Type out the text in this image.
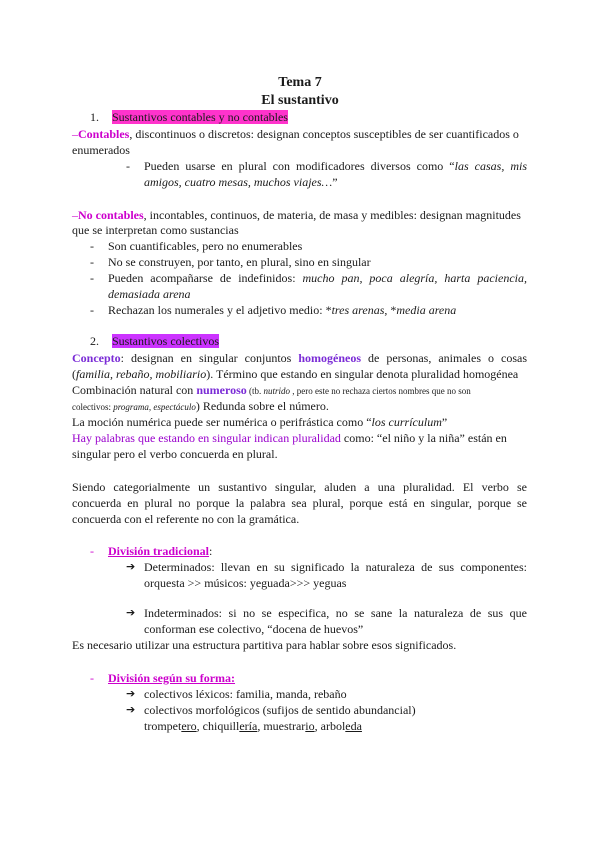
Tema 7
El sustantivo
1. Sustantivos contables y no contables
–Contables, discontinuos o discretos: designan conceptos susceptibles de ser cuantificados o
enumerados
- Pueden usarse en plural con modificadores diversos como “las casas, mis
amigos, cuatro mesas, muchos viajes…”
–No contables, incontables, continuos, de materia, de masa y medibles: designan magnitudes
que se interpretan como sustancias
- Son cuantificables, pero no enumerables
- No se construyen, por tanto, en plural, sino en singular
- Pueden acompañarse de indefinidos: mucho pan, poca alegría, harta paciencia,
demasiada arena
- Rechazan los numerales y el adjetivo medio: *tres arenas, *media arena
2. Sustantivos colectivos
Concepto: designan en singular conjuntos homogéneos de personas, animales o cosas
(familia, rebaño, mobiliario). Término que estando en singular denota pluralidad homogénea
Combinación natural con numeroso (tb. nutrido , pero este no rechaza ciertos nombres que no son
colectivos: programa, espectáculo) Redunda sobre el número.
La moción numérica puede ser numérica o perifrástica como “los currículum”
Hay palabras que estando en singular indican pluralidad como: “el niño y la niña” están en
singular pero el verbo concuerda en plural.
Siendo categorialmente un sustantivo singular, aluden a una pluralidad. El verbo se
concuerda en plural no porque la palabra sea plural, porque está en singular, porque se
concuerda con el referente no con la gramática.
- División tradicional:
➔ Determinados: llevan en su significado la naturaleza de sus componentes:
orquesta >> músicos: yeguada>>> yeguas
➔ Indeterminados: si no se especifica, no se sane la naturaleza de sus que
conforman ese colectivo, “docena de huevos”
Es necesario utilizar una estructura partitiva para hablar sobre esos significados.
- División según su forma:
➔ colectivos léxicos: familia, manda, rebaño
➔ colectivos morfológicos (sufijos de sentido abundancial)
trompetero, chiquillería, muestrario, arboleda
